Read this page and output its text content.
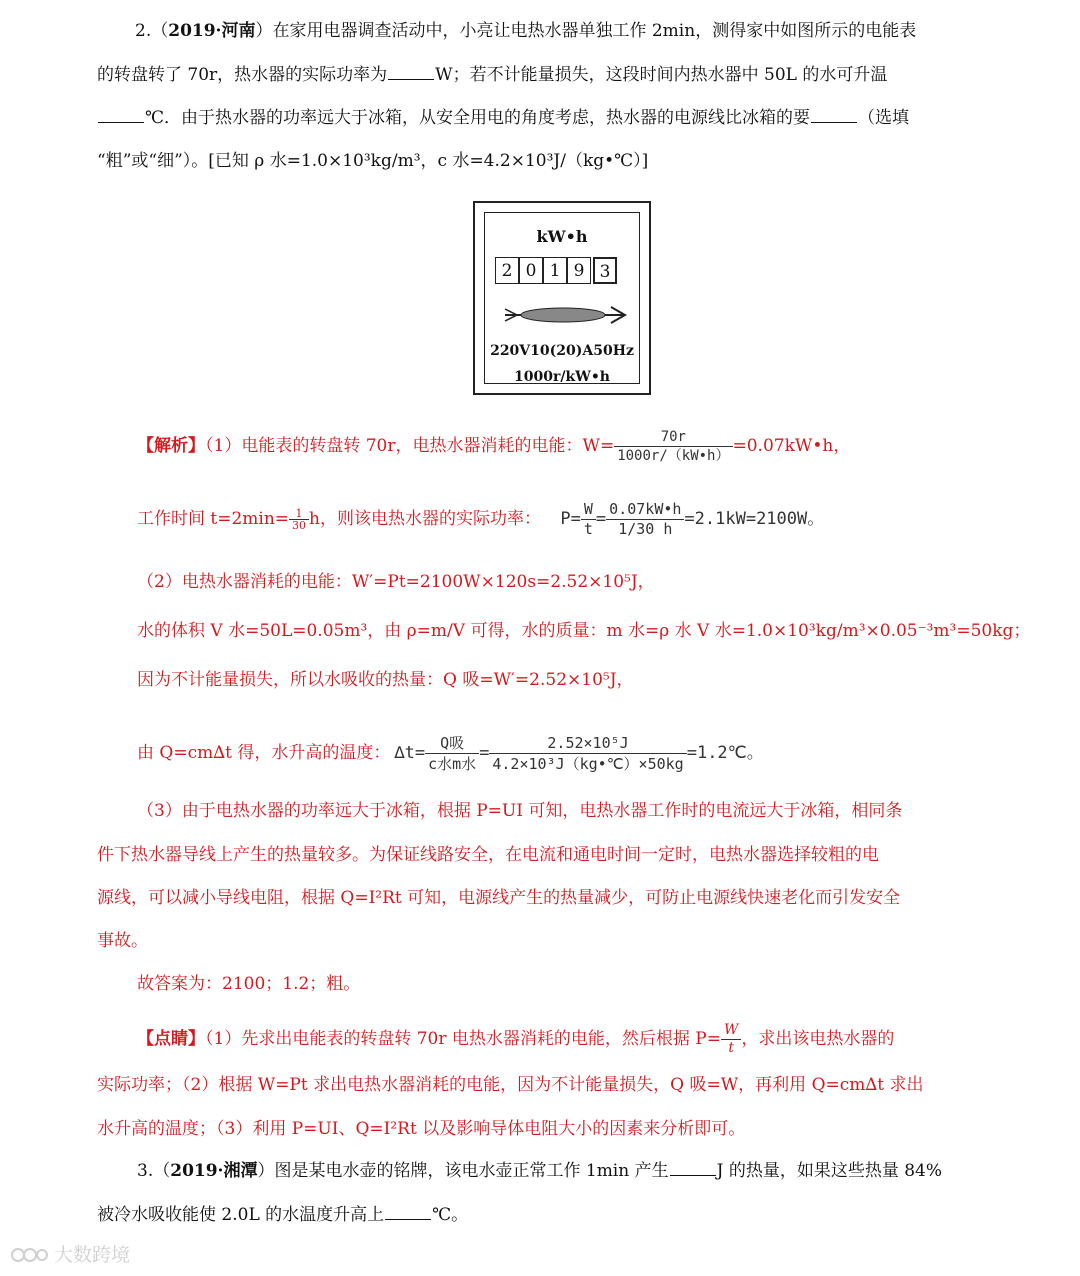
2.（2019·河南）在家用电器调查活动中，小亮让电热水器单独工作 2min，测得家中如图所示的电能表
的转盘转了 70r，热水器的实际功率为	W；若不计能量损失，这段时间内热水器中 50L 的水可升温
℃．由于热水器的功率远大于冰箱，从安全用电的角度考虑，热水器的电源线比冰箱的要	（选填
“粗”或“细”）。[已知 ρ 水=1.0×10³kg/m³，c 水=4.2×10³J/（kg•℃）]
kW•h
2 0 1 9 3
220V10(20)A50Hz
1000r/kW•h
【解析】（1）电能表的转盘转 70r，电热水器消耗的电能：$W= \frac{70r}{1000r/(kW•h)}$ =0.07kW•h，
工作时间 $t=2\min= \frac{1}{30}$ h，则该电热水器的实际功率： $P= \frac{W}{t} = \frac{0.07kW•h}{1/30 h} =2.1kW=2100W$。
（2）电热水器消耗的电能：W′=Pt=2100W×120s=2.52×10⁵J，
水的体积 V 水=50L=0.05m³，由 ρ=m/V 可得，水的质量：m 水=ρ 水 V 水=1.0×10³kg/m³×0.05⁻³m³=50kg；
因为不计能量损失，所以水吸收的热量：Q 吸=W′=2.52×10⁵J，
由 Q=cm∆t 得，水升高的温度： $\Delta t= \frac{\text{Q吸}}{\text{c水m水}} = \frac{\text{2.52×10⁵J}}{\text{4.2×10³J（kg•℃）×50kg}}$ =1.2℃。
（3）由于电热水器的功率远大于冰箱，根据 P=UI 可知，电热水器工作时的电流远大于冰箱，相同条
件下热水器导线上产生的热量较多。为保证线路安全，在电流和通电时间一定时，电热水器选择较粗的电
源线，可以减小导线电阻，根据 Q=I²Rt 可知，电源线产生的热量减少，可防止电源线快速老化而引发安全
事故。
故答案为：2100；1.2；粗。
【点睛】（1）先求出电能表的转盘转 70r 电热水器消耗的电能，然后根据 $P= \frac{W}{t}$ ，求出该电热水器的
实际功率；（2）根据 W=Pt 求出电热水器消耗的电能，因为不计能量损失，Q 吸=W，再利用 Q=cm∆t 求出
水升高的温度；（3）利用 P=UI、Q=I²Rt 以及影响导体电阻大小的因素来分析即可。
3.（2019·湘潭）图是某电水壶的铭牌，该电水壶正常工作 1min 产生	J 的热量，如果这些热量 84%
被冷水吸收能使 2.0L 的水温度升高上	℃。
大数跨境
